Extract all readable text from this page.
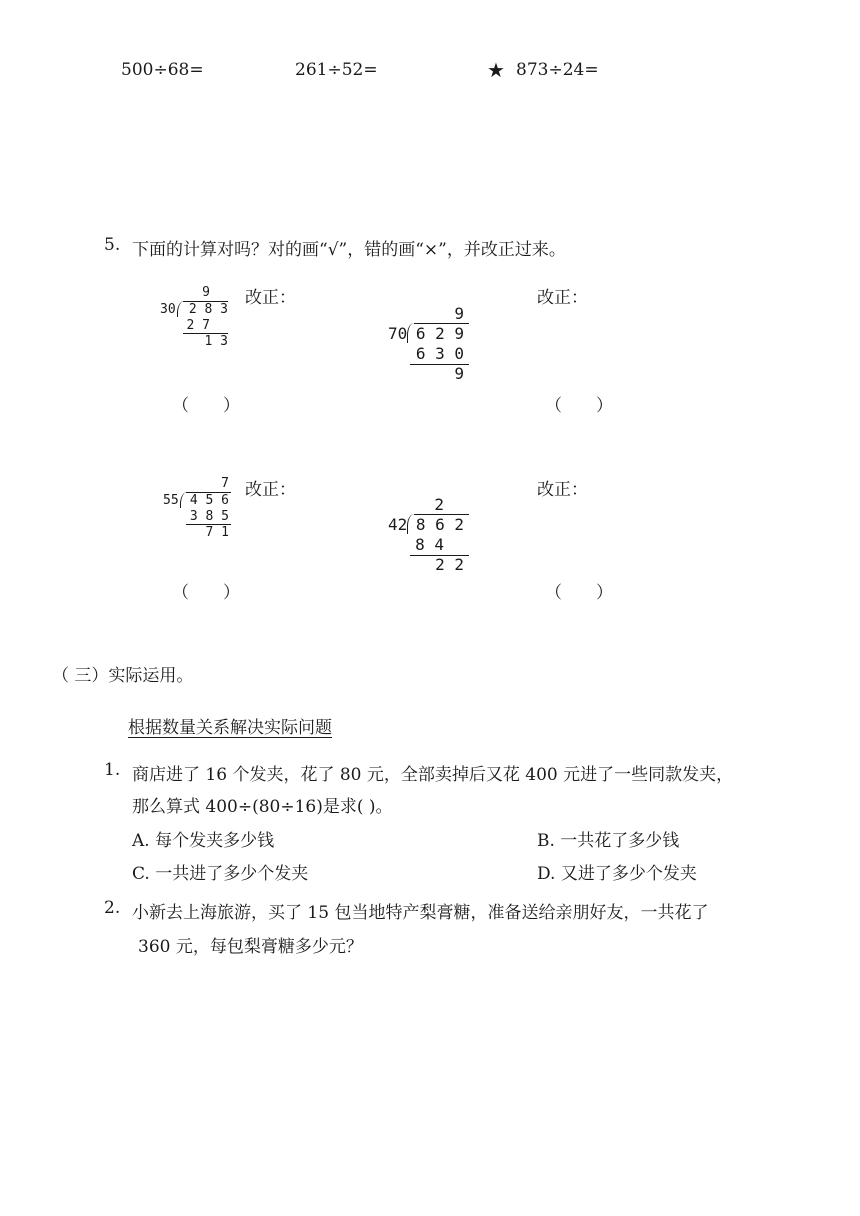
500÷68=	261÷52=	★ 873÷24=
5. 下面的计算对吗？对的画“√”，错的画“×”，并改正过来。
9
30 2 8 3
2 7
1 3
改正：
（　　）
9
70 6 2 9
6 3 0
9
改正：
（　　）
7
55 4 5 6
3 8 5
7 1
改正：
（　　）
2
42 8 6 2
8 4
2 2
改正：
（　　）
（ 三）实际运用。
根据数量关系解决实际问题
1. 商店进了 16 个发夹，花了 80 元，全部卖掉后又花 400 元进了一些同款发夹，
那么算式 400÷(80÷16)是求( )。
A. 每个发夹多少钱	B. 一共花了多少钱
C. 一共进了多少个发夹	D. 又进了多少个发夹
2. 小新去上海旅游，买了 15 包当地特产梨膏糖，准备送给亲朋好友，一共花了
360 元，每包梨膏糖多少元？
